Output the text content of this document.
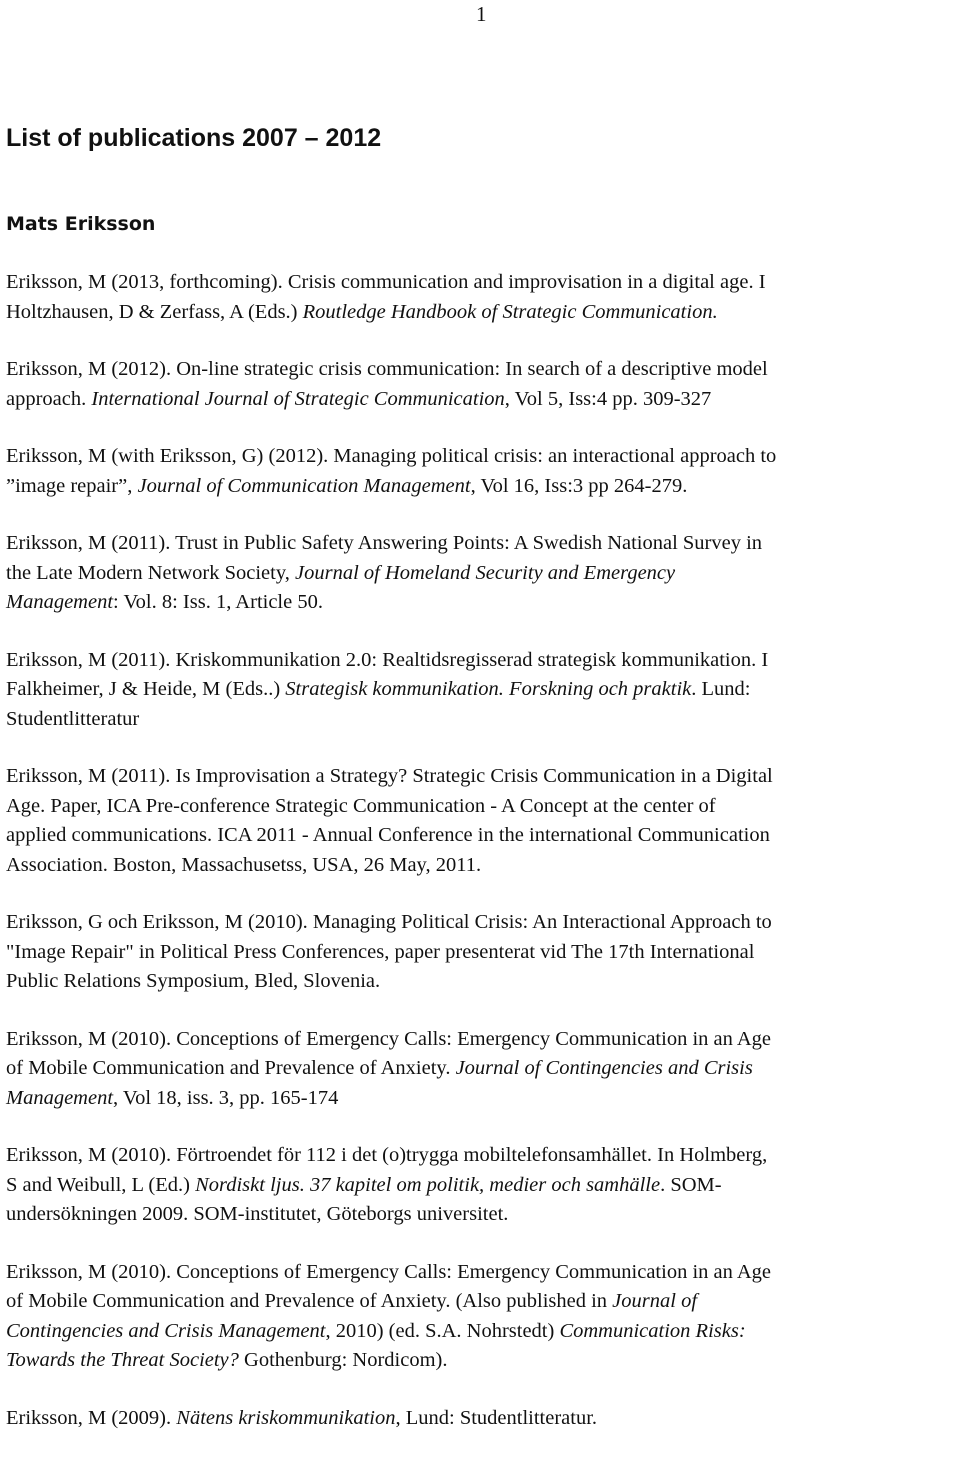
1
List of publications 2007 – 2012
Mats Eriksson
Eriksson, M (2013, forthcoming). Crisis communication and improvisation in a digital age. I
Holtzhausen, D & Zerfass, A (Eds.) Routledge Handbook of Strategic Communication.
Eriksson, M (2012). On-line strategic crisis communication: In search of a descriptive model
approach. International Journal of Strategic Communication, Vol 5, Iss:4 pp. 309-327
Eriksson, M (with Eriksson, G) (2012). Managing political crisis: an interactional approach to
”image repair”, Journal of Communication Management, Vol 16, Iss:3 pp 264-279.
Eriksson, M (2011). Trust in Public Safety Answering Points: A Swedish National Survey in
the Late Modern Network Society, Journal of Homeland Security and Emergency
Management: Vol. 8: Iss. 1, Article 50.
Eriksson, M (2011). Kriskommunikation 2.0: Realtidsregisserad strategisk kommunikation. I
Falkheimer, J & Heide, M (Eds..) Strategisk kommunikation. Forskning och praktik. Lund:
Studentlitteratur
Eriksson, M (2011). Is Improvisation a Strategy? Strategic Crisis Communication in a Digital
Age. Paper, ICA Pre-conference Strategic Communication - A Concept at the center of
applied communications. ICA 2011 - Annual Conference in the international Communication
Association. Boston, Massachusetss, USA, 26 May, 2011.
Eriksson, G och Eriksson, M (2010). Managing Political Crisis: An Interactional Approach to
"Image Repair" in Political Press Conferences, paper presenterat vid The 17th International
Public Relations Symposium, Bled, Slovenia.
Eriksson, M (2010). Conceptions of Emergency Calls: Emergency Communication in an Age
of Mobile Communication and Prevalence of Anxiety. Journal of Contingencies and Crisis
Management, Vol 18, iss. 3, pp. 165-174
Eriksson, M (2010). Förtroendet för 112 i det (o)trygga mobiltelefonsamhället. In Holmberg,
S and Weibull, L (Ed.) Nordiskt ljus. 37 kapitel om politik, medier och samhälle. SOM-
undersökningen 2009. SOM-institutet, Göteborgs universitet.
Eriksson, M (2010). Conceptions of Emergency Calls: Emergency Communication in an Age
of Mobile Communication and Prevalence of Anxiety. (Also published in Journal of
Contingencies and Crisis Management, 2010) (ed. S.A. Nohrstedt) Communication Risks:
Towards the Threat Society? Gothenburg: Nordicom).
Eriksson, M (2009). Nätens kriskommunikation, Lund: Studentlitteratur.
